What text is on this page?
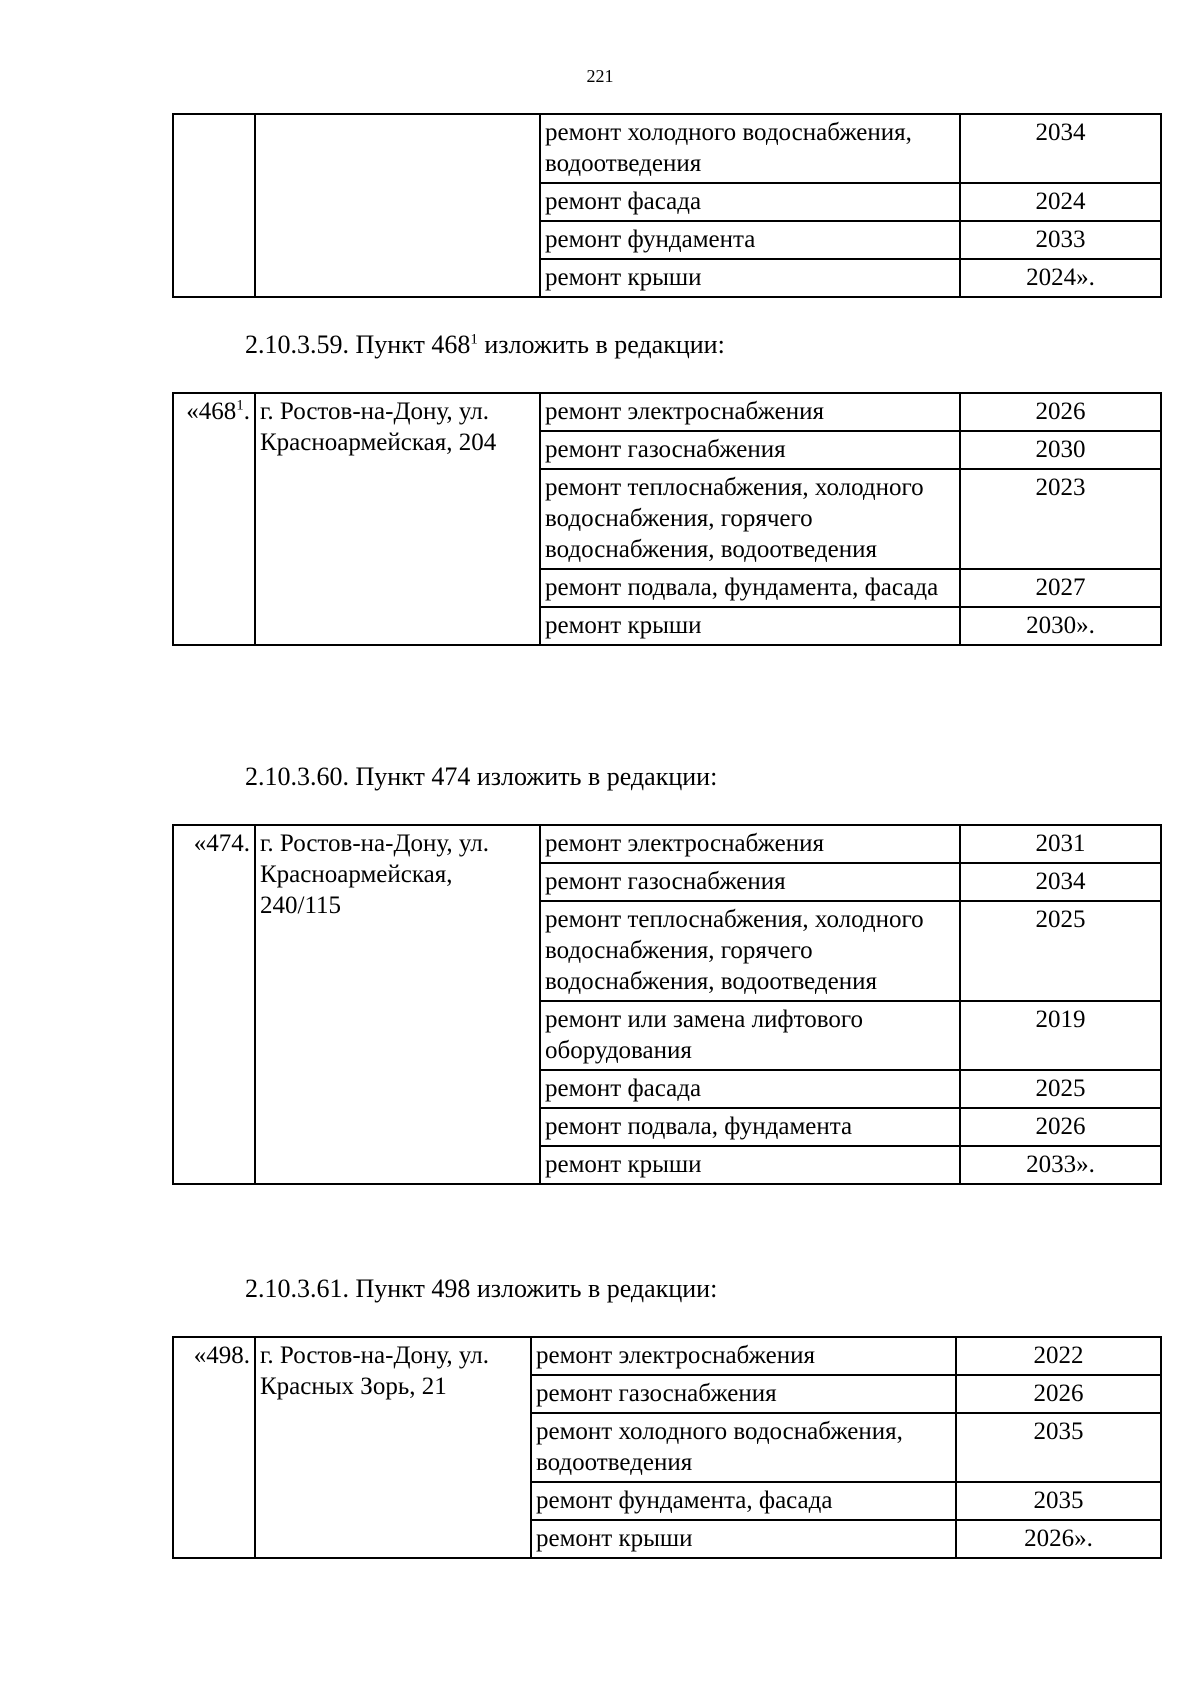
221
		ремонт холодного водоснабжения, водоотведения	2034
		ремонт фасада	2024
		ремонт фундамента	2033
		ремонт крыши	2024».
2.10.3.59. Пункт $468^1$ изложить в редакции:
«$468^1$.	г. Ростов-на-Дону, ул. Красноармейская, 204	ремонт электроснабжения	2026
		ремонт газоснабжения	2030
		ремонт теплоснабжения, холодного водоснабжения, горячего водоснабжения, водоотведения	2023
		ремонт подвала, фундамента, фасада	2027
		ремонт крыши	2030».
2.10.3.60. Пункт 474 изложить в редакции:
«474.	г. Ростов-на-Дону, ул. Красноармейская, 240/115	ремонт электроснабжения	2031
		ремонт газоснабжения	2034
		ремонт теплоснабжения, холодного водоснабжения, горячего водоснабжения, водоотведения	2025
		ремонт или замена лифтового оборудования	2019
		ремонт фасада	2025
		ремонт подвала, фундамента	2026
		ремонт крыши	2033».
2.10.3.61. Пункт 498 изложить в редакции:
«498.	г. Ростов-на-Дону, ул. Красных Зорь, 21	ремонт электроснабжения	2022
		ремонт газоснабжения	2026
		ремонт холодного водоснабжения, водоотведения	2035
		ремонт фундамента, фасада	2035
		ремонт крыши	2026».
